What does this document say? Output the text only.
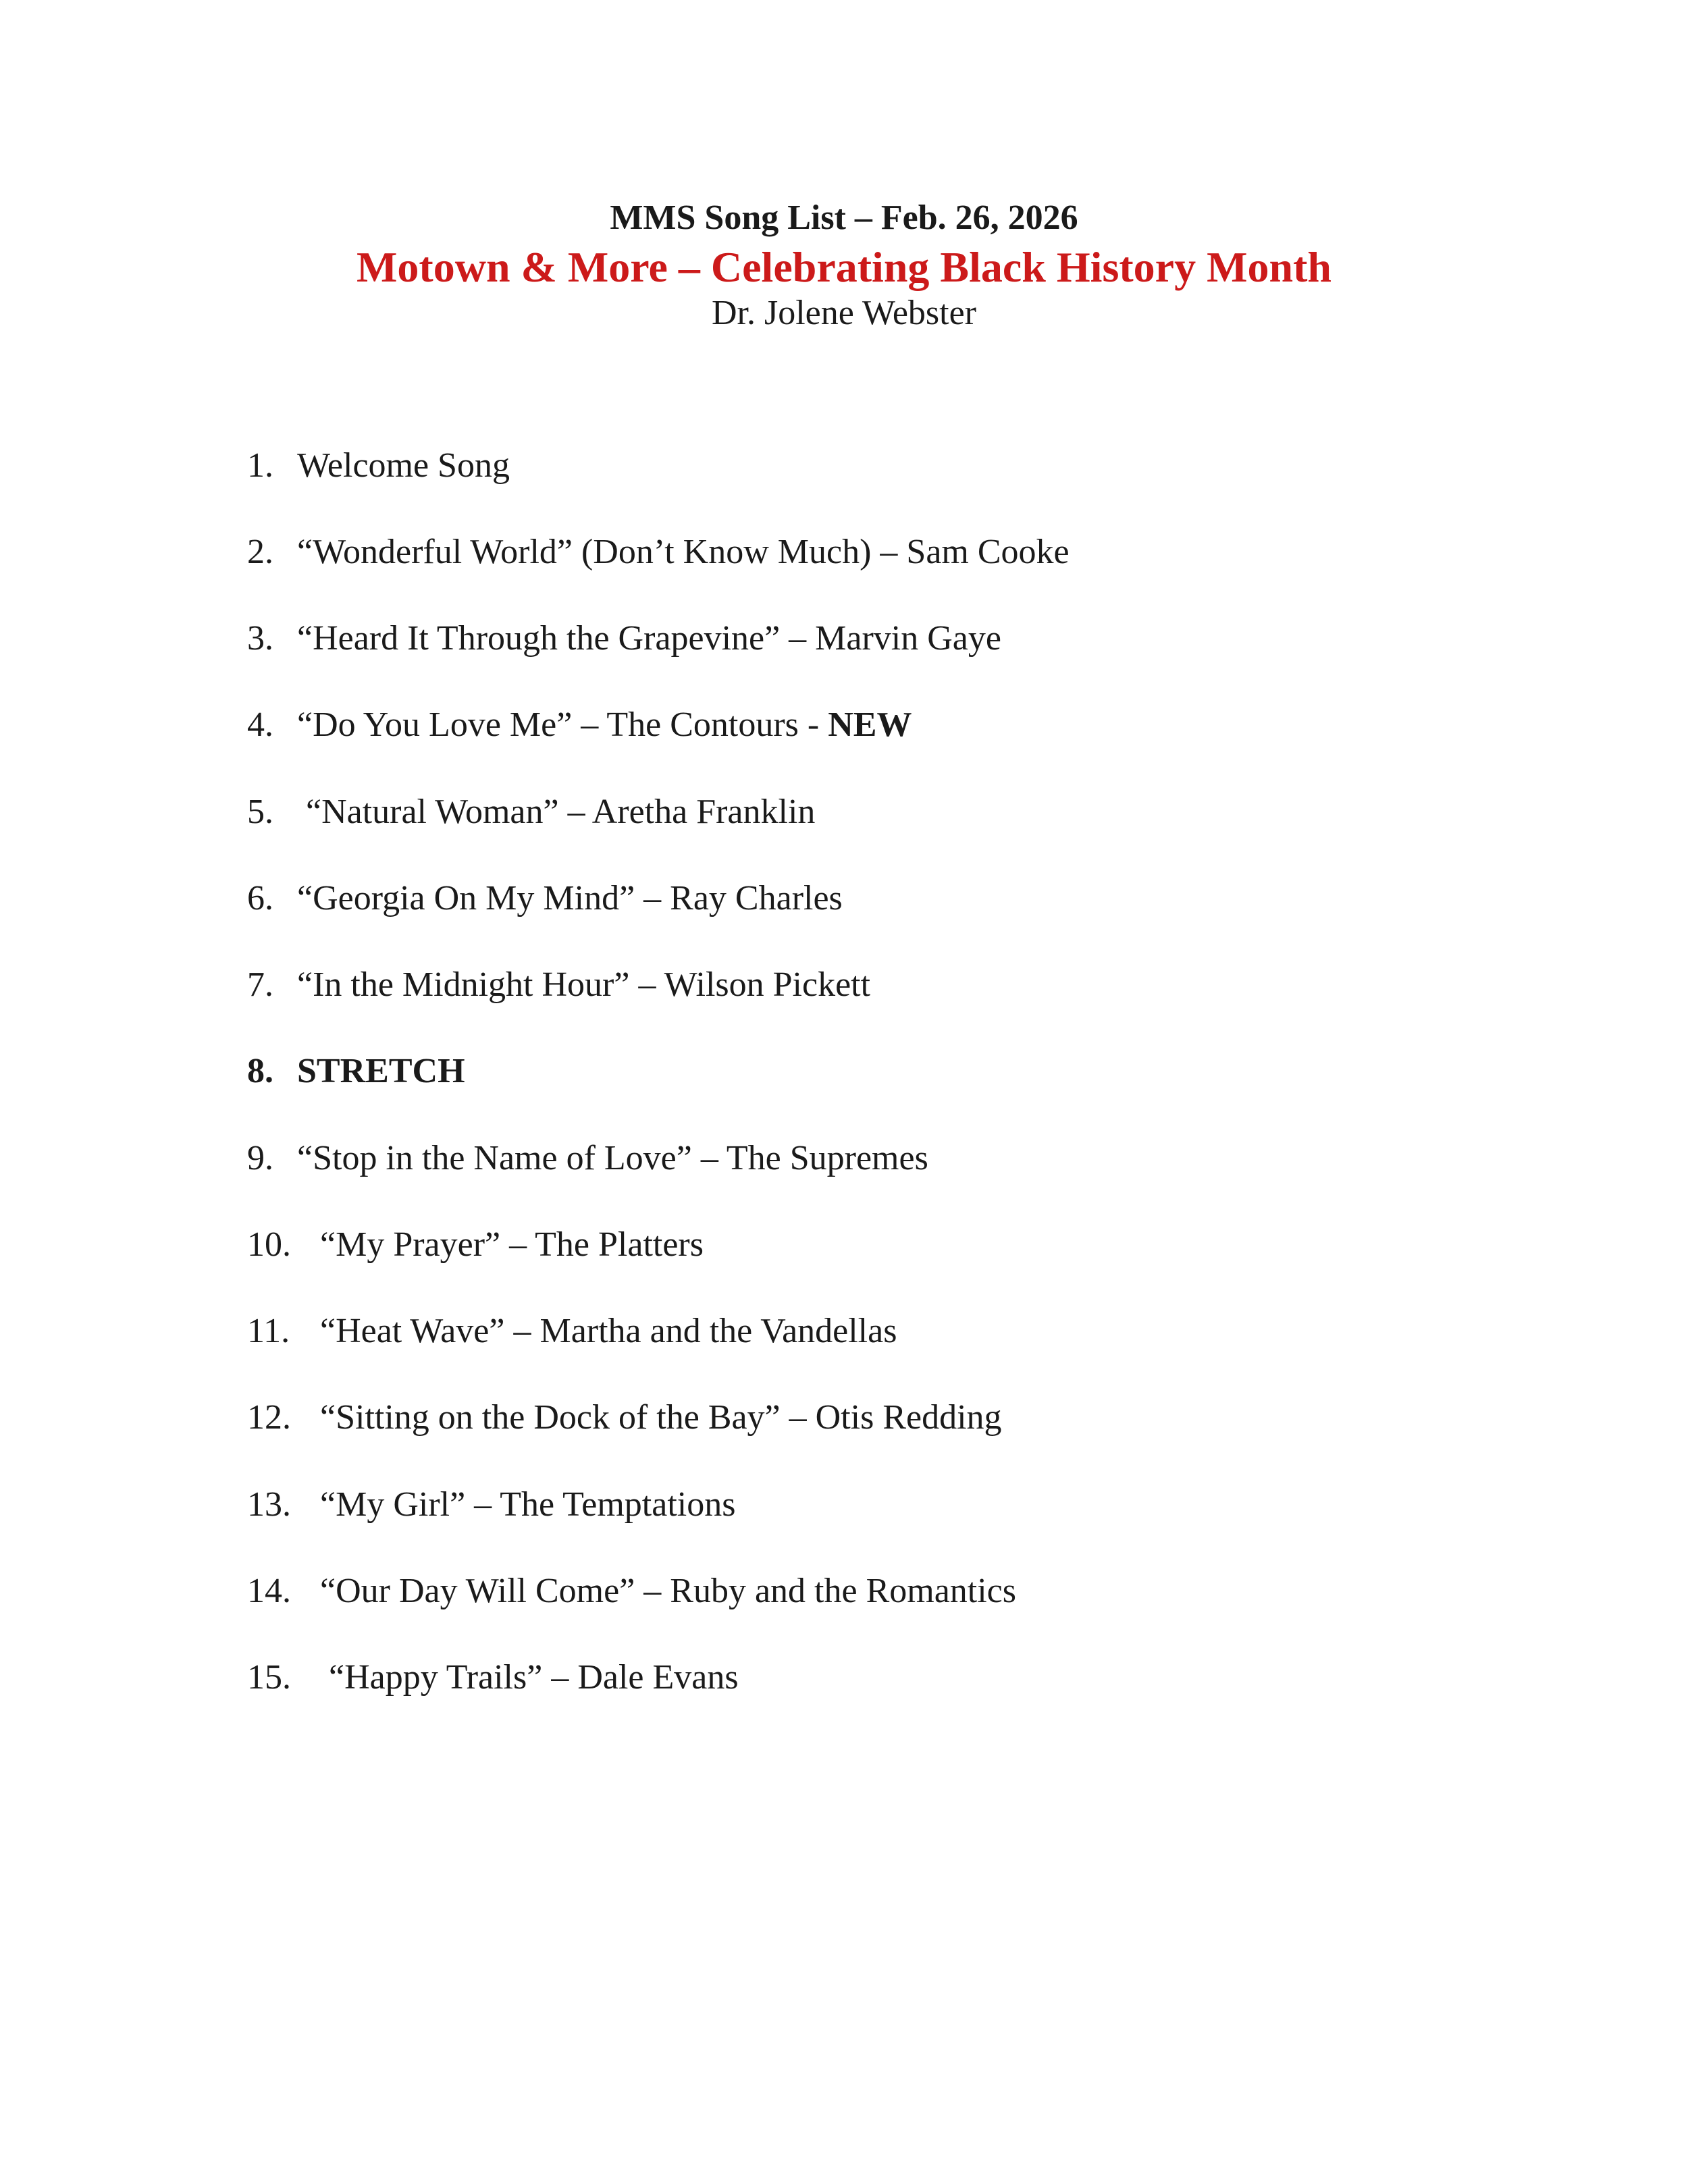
MMS Song List – Feb. 26, 2026
Motown & More – Celebrating Black History Month
Dr. Jolene Webster
1. Welcome Song
2. “Wonderful World” (Don’t Know Much) – Sam Cooke
3. “Heard It Through the Grapevine” – Marvin Gaye
4. “Do You Love Me” – The Contours - NEW
5. “Natural Woman” – Aretha Franklin
6. “Georgia On My Mind” – Ray Charles
7. “In the Midnight Hour” – Wilson Pickett
8. STRETCH
9. “Stop in the Name of Love” – The Supremes
10. “My Prayer” – The Platters
11. “Heat Wave” – Martha and the Vandellas
12. “Sitting on the Dock of the Bay” – Otis Redding
13. “My Girl” – The Temptations
14. “Our Day Will Come” – Ruby and the Romantics
15. “Happy Trails” – Dale Evans
